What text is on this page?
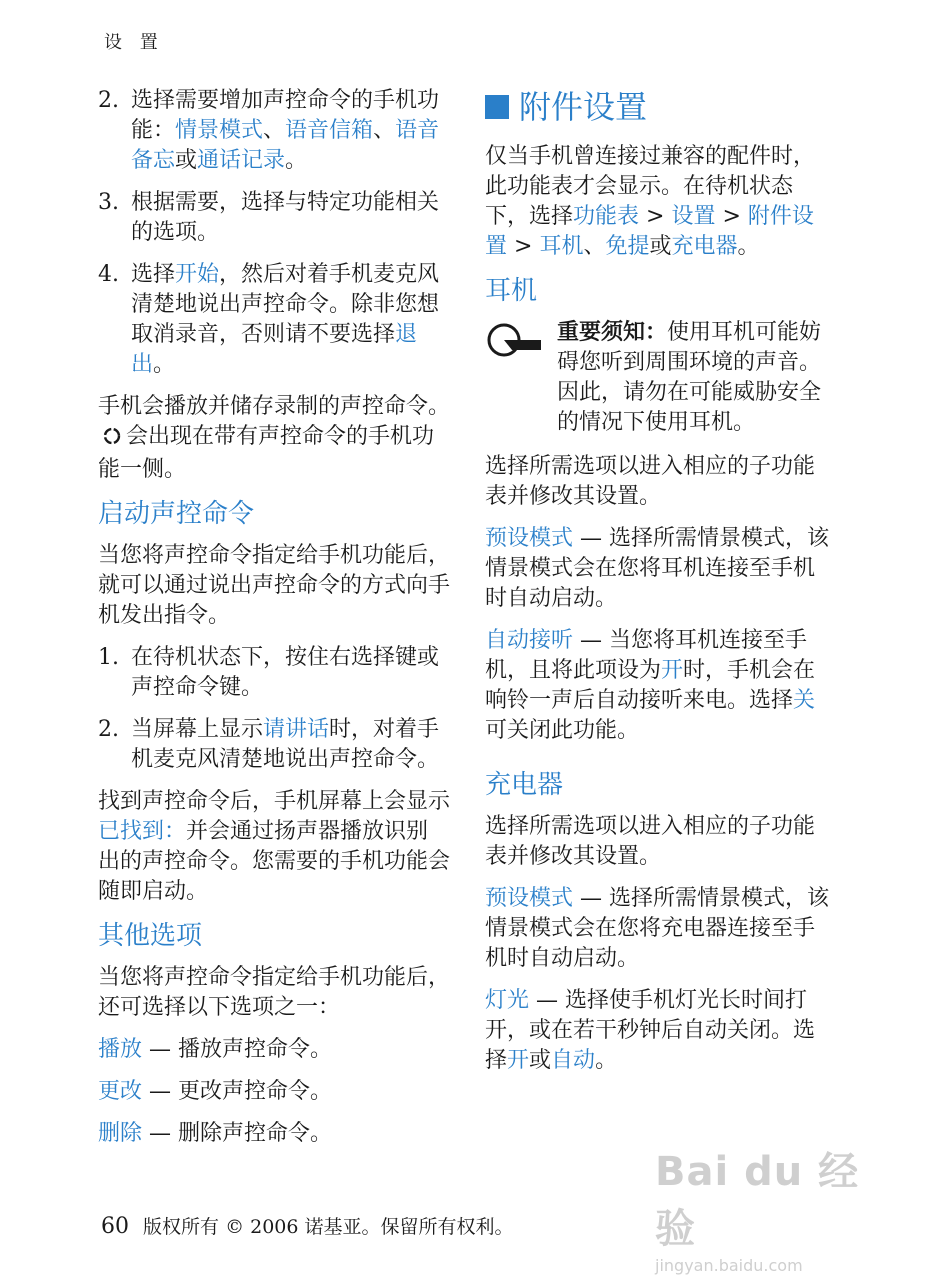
设 置
2. 选择需要增加声控命令的手机功能：情景模式、语音信箱、语音备忘或通话记录。
3. 根据需要，选择与特定功能相关的选项。
4. 选择开始，然后对着手机麦克风清楚地说出声控命令。除非您想取消录音，否则请不要选择退出。

手机会播放并储存录制的声控命令。会出现在带有声控命令的手机功能一侧。

启动声控命令

当您将声控命令指定给手机功能后，就可以通过说出声控命令的方式向手机发出指令。

1. 在待机状态下，按住右选择键或声控命令键。
2. 当屏幕上显示请讲话时，对着手机麦克风清楚地说出声控命令。

找到声控命令后，手机屏幕上会显示已找到：并会通过扬声器播放识别出的声控命令。您需要的手机功能会随即启动。

其他选项

当您将声控命令指定给手机功能后，还可选择以下选项之一：

播放 — 播放声控命令。

更改 — 更改声控命令。

删除 — 删除声控命令。

附件设置

仅当手机曾连接过兼容的配件时，此功能表才会显示。在待机状态下，选择功能表 > 设置 > 附件设置 > 耳机、免提或充电器。

耳机

重要须知：使用耳机可能妨碍您听到周围环境的声音。因此，请勿在可能威胁安全的情况下使用耳机。

选择所需选项以进入相应的子功能表并修改其设置。

预设模式 — 选择所需情景模式，该情景模式会在您将耳机连接至手机时自动启动。

自动接听 — 当您将耳机连接至手机，且将此项设为开时，手机会在响铃一声后自动接听来电。选择关可关闭此功能。

充电器

选择所需选项以进入相应的子功能表并修改其设置。

预设模式 — 选择所需情景模式，该情景模式会在您将充电器连接至手机时自动启动。

灯光 — 选择使手机灯光长时间打开，或在若干秒钟后自动关闭。选择开或自动。

60 版权所有 © 2006 诺基亚。保留所有权利。
Bai du 经验
jingyan.baidu.com
